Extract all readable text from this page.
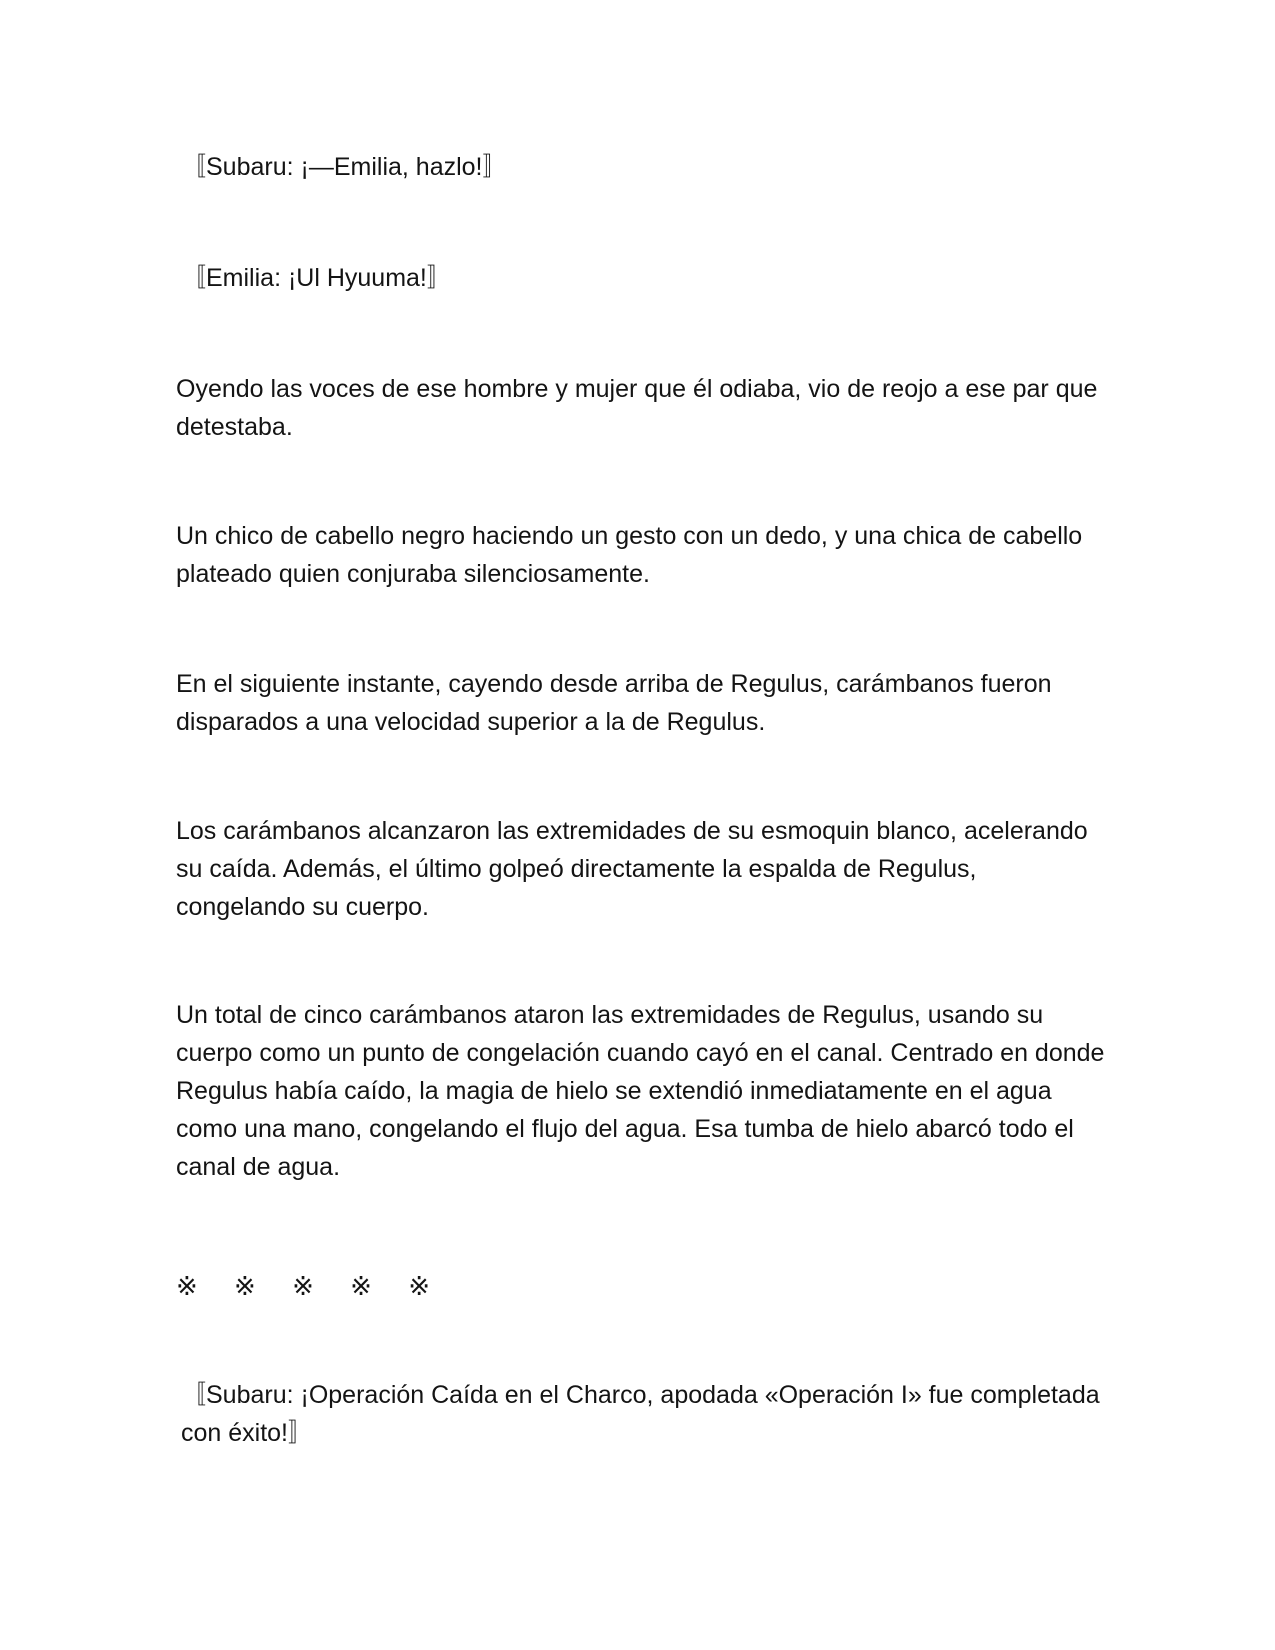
〚Subaru: ¡—Emilia, hazlo!〛

〚Emilia: ¡Ul Hyuuma!〛

Oyendo las voces de ese hombre y mujer que él odiaba, vio de reojo a ese par que detestaba.

Un chico de cabello negro haciendo un gesto con un dedo, y una chica de cabello plateado quien conjuraba silenciosamente.

En el siguiente instante, cayendo desde arriba de Regulus, carámbanos fueron disparados a una velocidad superior a la de Regulus.

Los carámbanos alcanzaron las extremidades de su esmoquin blanco, acelerando su caída. Además, el último golpeó directamente la espalda de Regulus, congelando su cuerpo.

Un total de cinco carámbanos ataron las extremidades de Regulus, usando su cuerpo como un punto de congelación cuando cayó en el canal. Centrado en donde Regulus había caído, la magia de hielo se extendió inmediatamente en el agua como una mano, congelando el flujo del agua. Esa tumba de hielo abarcó todo el canal de agua.

※ ※ ※ ※ ※

〚Subaru: ¡Operación Caída en el Charco, apodada «Operación I» fue completada con éxito!〛
